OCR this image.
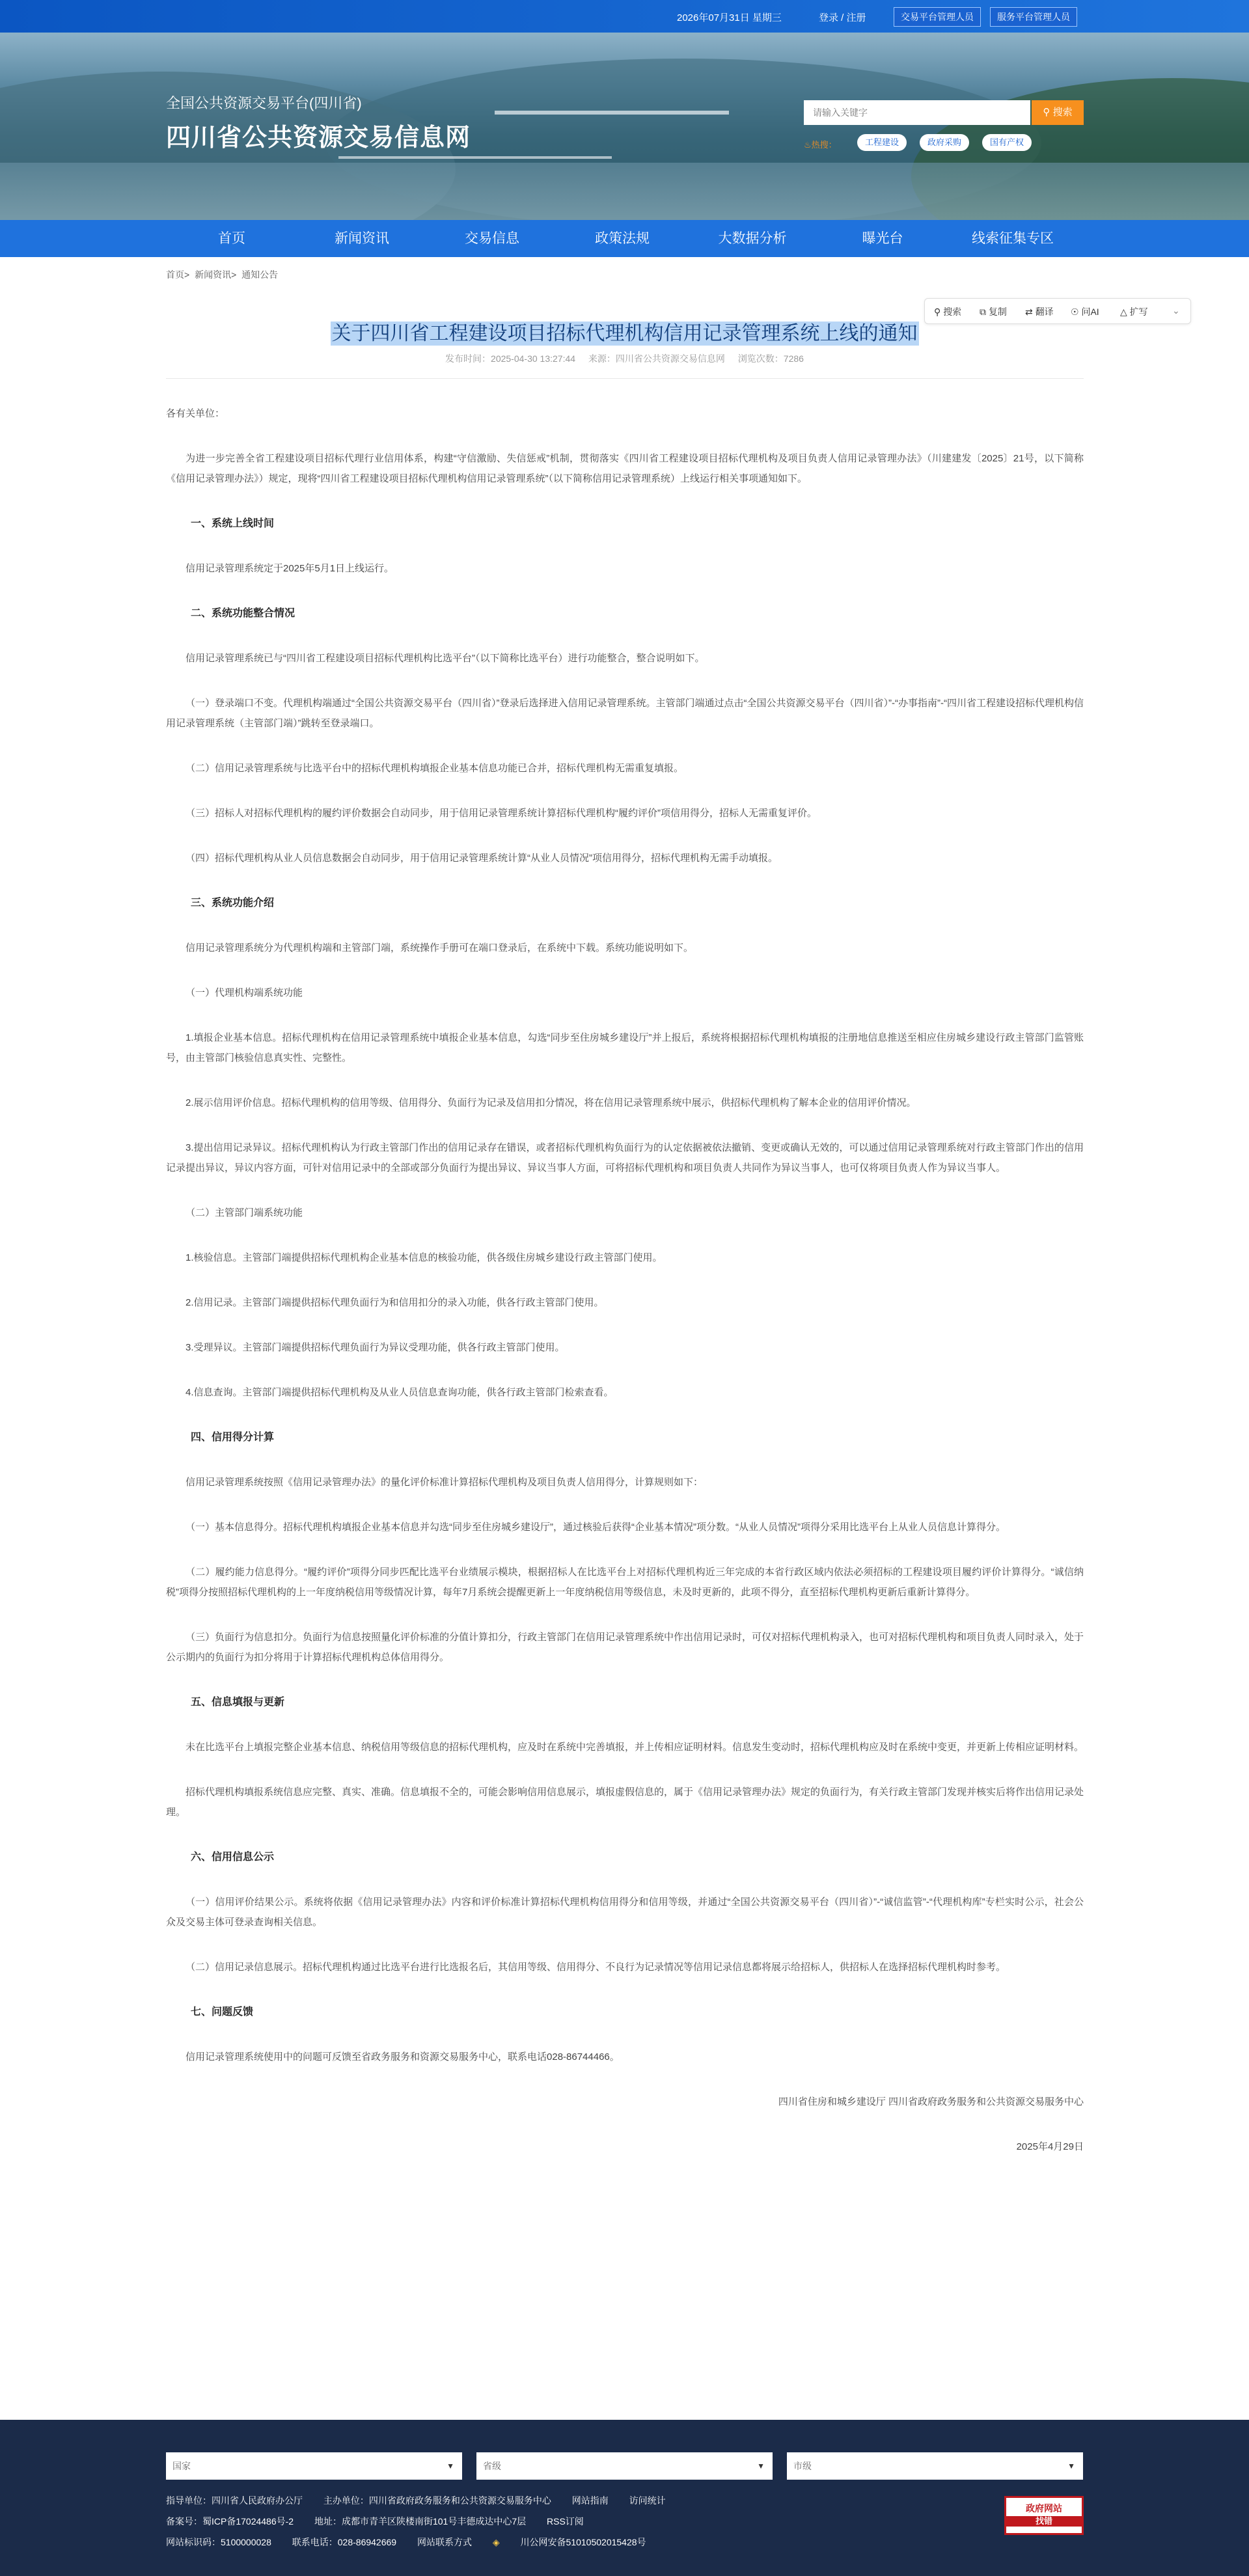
2026年07月31日 星期三	登录 / 注册	交易平台管理人员	服务平台管理人员
全国公共资源交易平台(四川省)
四川省公共资源交易信息网
请输入关键字
⚲ 搜索
♨热搜：	工程建设	政府采购	国有产权
首页	新闻资讯	交易信息	政策法规	大数据分析	曝光台	线索征集专区
首页> 新闻资讯> 通知公告
⚲ 搜索 ⧉ 复制 ⇄ 翻译 ☉ 问AI △ 扩写	⌄
关于四川省工程建设项目招标代理机构信用记录管理系统上线的通知
发布时间：2025-04-30 13:27:44 来源：四川省公共资源交易信息网 浏览次数：7286

各有关单位：

为进一步完善全省工程建设项目招标代理行业信用体系，构建“守信激励、失信惩戒”机制，贯彻落实《四川省工程建设项目招标代理机构及项目负责人信用记录管理办法》（川建建发〔2025〕21号，以下简称《信用记录管理办法》）规定，现将“四川省工程建设项目招标代理机构信用记录管理系统”（以下简称信用记录管理系统）上线运行相关事项通知如下。

一、系统上线时间

信用记录管理系统定于2025年5月1日上线运行。

二、系统功能整合情况

信用记录管理系统已与“四川省工程建设项目招标代理机构比选平台”（以下简称比选平台）进行功能整合，整合说明如下。

（一）登录端口不变。代理机构端通过“全国公共资源交易平台（四川省）”登录后选择进入信用记录管理系统。主管部门端通过点击“全国公共资源交易平台（四川省）”-“办事指南”-“四川省工程建设招标代理机构信用记录管理系统（主管部门端）”跳转至登录端口。

（二）信用记录管理系统与比选平台中的招标代理机构填报企业基本信息功能已合并，招标代理机构无需重复填报。

（三）招标人对招标代理机构的履约评价数据会自动同步，用于信用记录管理系统计算招标代理机构“履约评价”项信用得分，招标人无需重复评价。

（四）招标代理机构从业人员信息数据会自动同步，用于信用记录管理系统计算“从业人员情况”项信用得分，招标代理机构无需手动填报。

三、系统功能介绍

信用记录管理系统分为代理机构端和主管部门端，系统操作手册可在端口登录后，在系统中下载。系统功能说明如下。

（一）代理机构端系统功能

1.填报企业基本信息。招标代理机构在信用记录管理系统中填报企业基本信息，勾选“同步至住房城乡建设厅”并上报后，系统将根据招标代理机构填报的注册地信息推送至相应住房城乡建设行政主管部门监管账号，由主管部门核验信息真实性、完整性。

2.展示信用评价信息。招标代理机构的信用等级、信用得分、负面行为记录及信用扣分情况，将在信用记录管理系统中展示，供招标代理机构了解本企业的信用评价情况。

3.提出信用记录异议。招标代理机构认为行政主管部门作出的信用记录存在错误，或者招标代理机构负面行为的认定依据被依法撤销、变更或确认无效的，可以通过信用记录管理系统对行政主管部门作出的信用记录提出异议，异议内容方面，可针对信用记录中的全部或部分负面行为提出异议、异议当事人方面，可将招标代理机构和项目负责人共同作为异议当事人，也可仅将项目负责人作为异议当事人。

（二）主管部门端系统功能

1.核验信息。主管部门端提供招标代理机构企业基本信息的核验功能，供各级住房城乡建设行政主管部门使用。

2.信用记录。主管部门端提供招标代理负面行为和信用扣分的录入功能，供各行政主管部门使用。

3.受理异议。主管部门端提供招标代理负面行为异议受理功能，供各行政主管部门使用。

4.信息查询。主管部门端提供招标代理机构及从业人员信息查询功能，供各行政主管部门检索查看。

四、信用得分计算

信用记录管理系统按照《信用记录管理办法》的量化评价标准计算招标代理机构及项目负责人信用得分，计算规则如下：

（一）基本信息得分。招标代理机构填报企业基本信息并勾选“同步至住房城乡建设厅”，通过核验后获得“企业基本情况”项分数。“从业人员情况”项得分采用比选平台上从业人员信息计算得分。

（二）履约能力信息得分。“履约评价”项得分同步匹配比选平台业绩展示模块，根据招标人在比选平台上对招标代理机构近三年完成的本省行政区域内依法必须招标的工程建设项目履约评价计算得分。“诚信纳税”项得分按照招标代理机构的上一年度纳税信用等级情况计算，每年7月系统会提醒更新上一年度纳税信用等级信息，未及时更新的，此项不得分，直至招标代理机构更新后重新计算得分。

（三）负面行为信息扣分。负面行为信息按照量化评价标准的分值计算扣分，行政主管部门在信用记录管理系统中作出信用记录时，可仅对招标代理机构录入，也可对招标代理机构和项目负责人同时录入，处于公示期内的负面行为扣分将用于计算招标代理机构总体信用得分。

五、信息填报与更新

未在比选平台上填报完整企业基本信息、纳税信用等级信息的招标代理机构，应及时在系统中完善填报，并上传相应证明材料。信息发生变动时，招标代理机构应及时在系统中变更，并更新上传相应证明材料。

招标代理机构填报系统信息应完整、真实、准确。信息填报不全的，可能会影响信用信息展示，填报虚假信息的，属于《信用记录管理办法》规定的负面行为，有关行政主管部门发现并核实后将作出信用记录处理。

六、信用信息公示

（一）信用评价结果公示。系统将依据《信用记录管理办法》内容和评价标准计算招标代理机构信用得分和信用等级，并通过“全国公共资源交易平台（四川省）”-“诚信监管”-“代理机构库”专栏实时公示，社会公众及交易主体可登录查询相关信息。

（二）信用记录信息展示。招标代理机构通过比选平台进行比选报名后，其信用等级、信用得分、不良行为记录情况等信用记录信息都将展示给招标人，供招标人在选择招标代理机构时参考。

七、问题反馈

信用记录管理系统使用中的问题可反馈至省政务服务和资源交易服务中心，联系电话028-86744466。

四川省住房和城乡建设厅 四川省政府政务服务和公共资源交易服务中心

2025年4月29日

国家	▼	省级	▼	市级	▼
指导单位：四川省人民政府办公厅 主办单位：四川省政府政务服务和公共资源交易服务中心 网站指南 访问统计
备案号：蜀ICP备17024486号-2 地址：成都市青羊区陕楼南街101号丰德成达中心7层 RSS订阅
网站标识码：5100000028 联系电话：028-86942669 网站联系方式 ◈ 川公网安备51010502015428号
政府网站
找错
